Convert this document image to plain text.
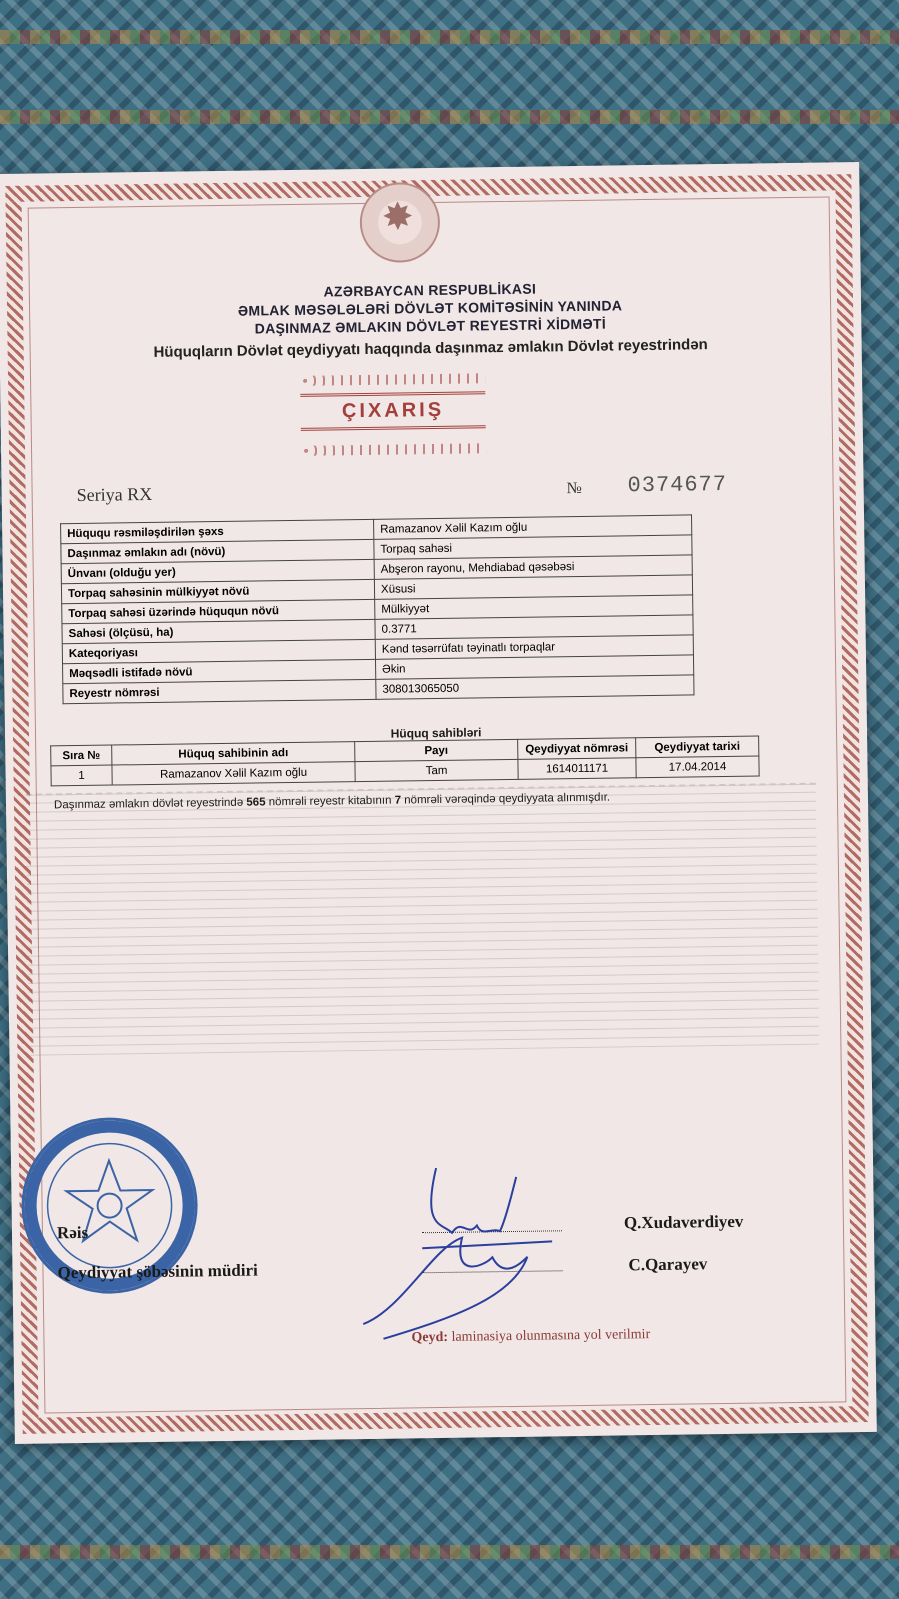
✸
AZƏRBAYCAN RESPUBLİKASI
ƏMLAK MƏSƏLƏLƏRİ DÖVLƏT KOMİTƏSİNİN YANINDA
DAŞINMAZ ƏMLAKIN DÖVLƏT REYESTRİ XİDMƏTİ
Hüquqların Dövlət qeydiyyatı haqqında daşınmaz əmlakın Dövlət reyestrindən
ÇIXARIŞ
Seriya RX	№ 0374677
Hüququ rəsmiləşdirilən şəxs	Ramazanov Xəlil Kazım oğlu
Daşınmaz əmlakın adı (növü)	Torpaq sahəsi
Ünvanı (olduğu yer)	Abşeron rayonu, Mehdiabad qəsəbəsi
Torpaq sahəsinin mülkiyyət növü	Xüsusi
Torpaq sahəsi üzərində hüququn növü	Mülkiyyət
Sahəsi (ölçüsü, ha)	0.3771
Kateqoriyası	Kənd təsərrüfatı təyinatlı torpaqlar
Məqsədli istifadə növü	Əkin
Reyestr nömrəsi	308013065050
Hüquq sahibləri
Sıra №	Hüquq sahibinin adı	Payı	Qeydiyyat nömrəsi	Qeydiyyat tarixi
1	Ramazanov Xəlil Kazım oğlu	Tam	1614011171	17.04.2014
Daşınmaz əmlakın dövlət reyestrində 565 nömrəli reyestr kitabının 7 nömrəli vərəqində qeydiyyata alınmışdır.
Rəis
Q.Xudaverdiyev
Qeydiyyat şöbəsinin müdiri	C.Qarayev
Qeyd: laminasiya olunmasına yol verilmir
